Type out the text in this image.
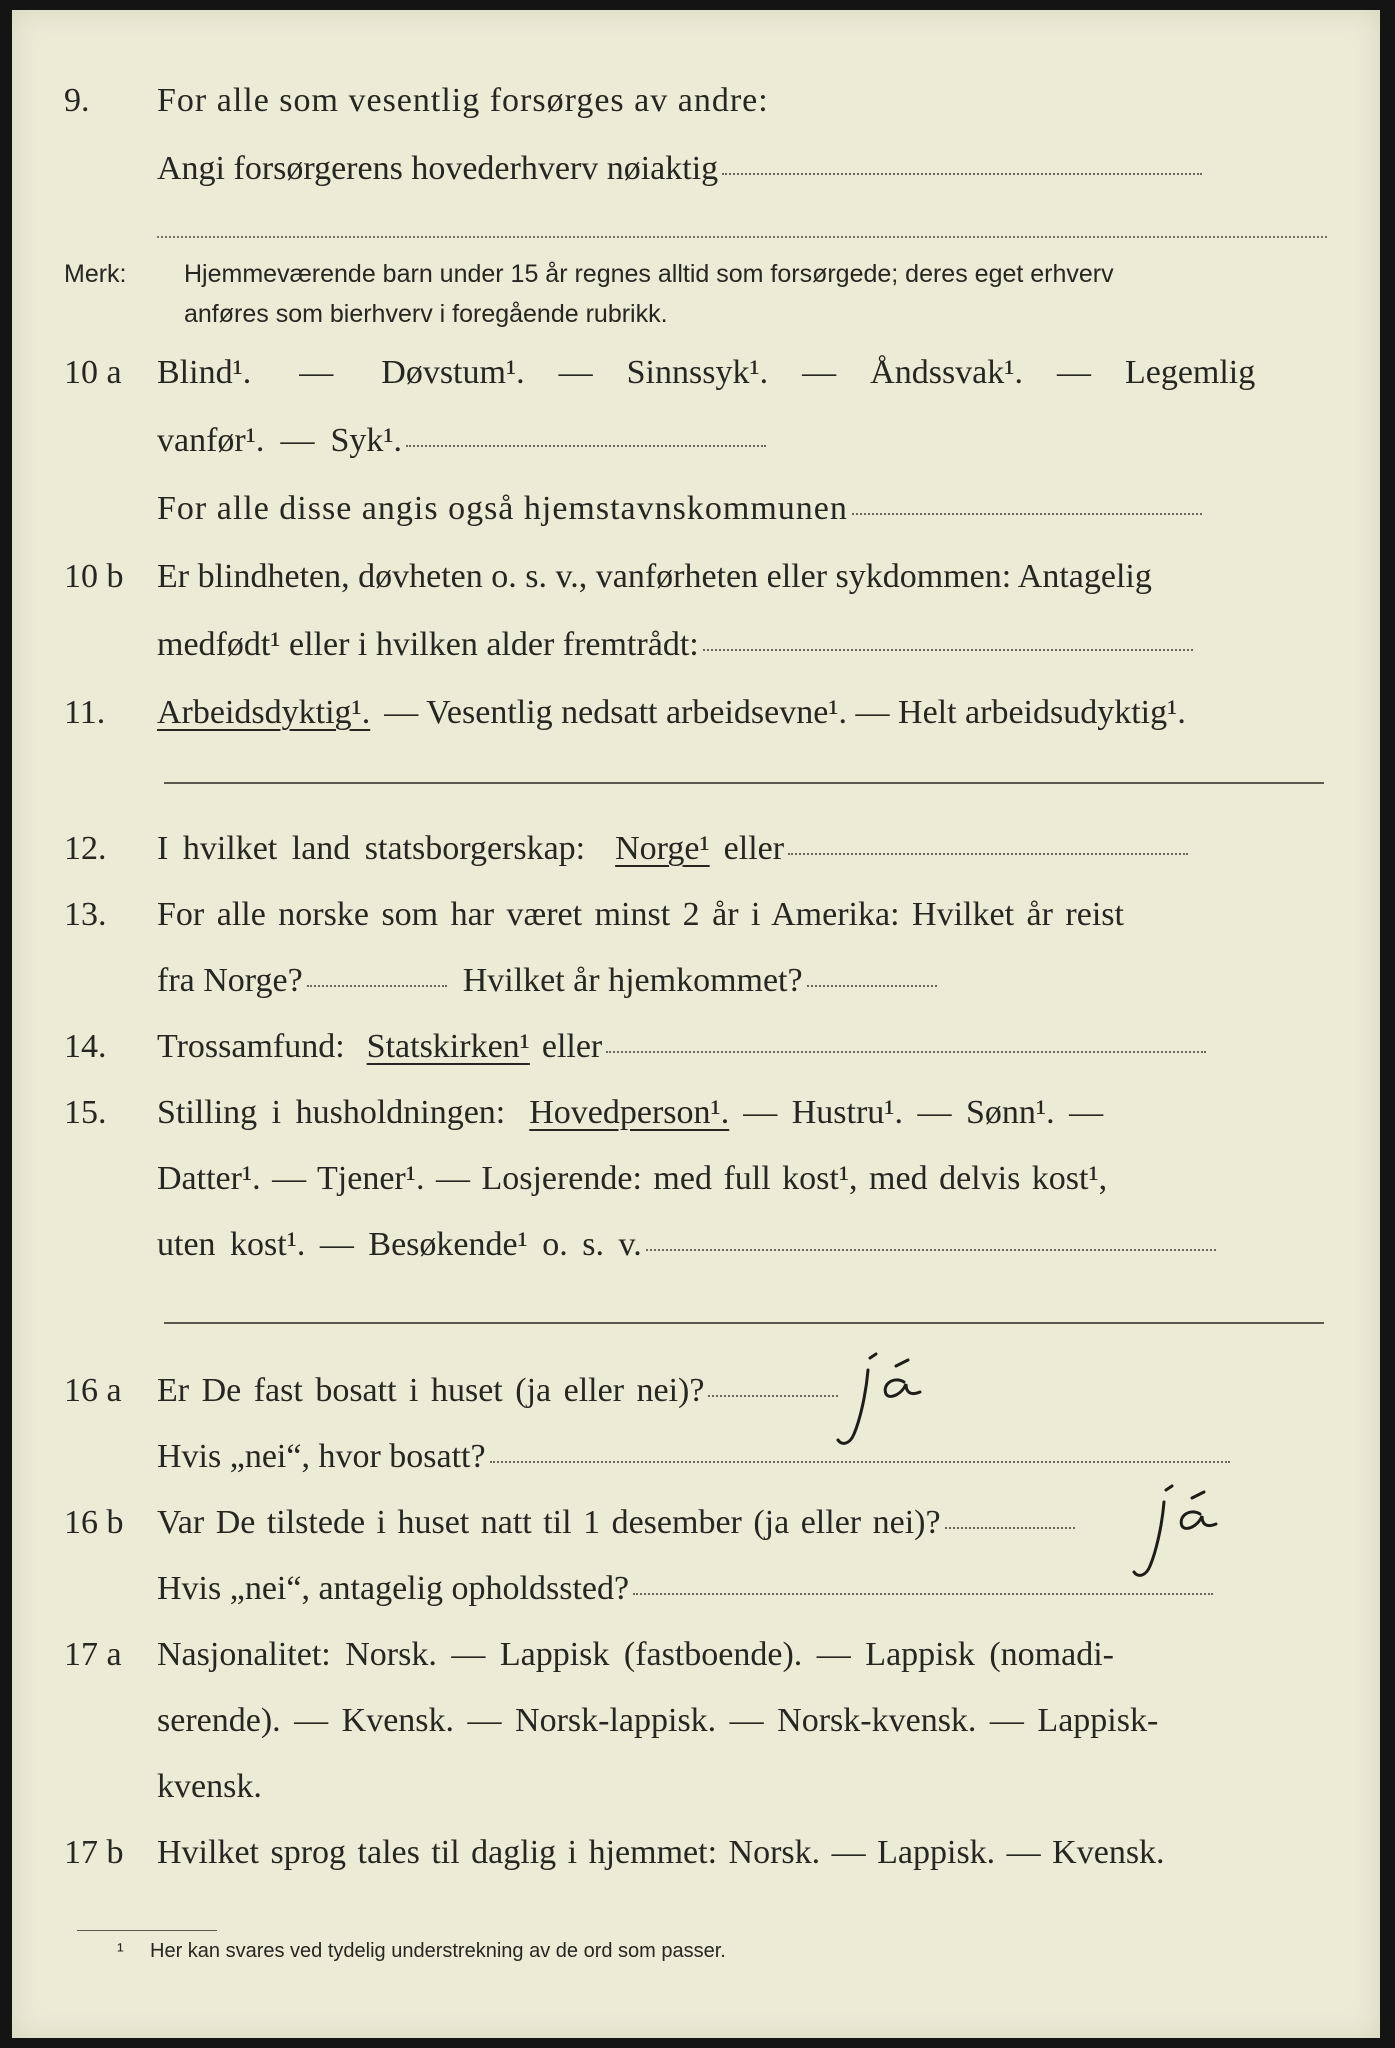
9. For alle som vesentlig forsørges av andre:
Angi forsørgerens hovederhverv nøiaktig
Merk: Hjemmeværende barn under 15 år regnes alltid som forsørgede; deres eget erhverv
anføres som bierhverv i foregående rubrikk.
10 a Blind¹. — Døvstum¹. — Sinnssyk¹. — Åndssvak¹. — Legemlig
vanfør¹. — Syk¹.
For alle disse angis også hjemstavnskommunen
10 b Er blindheten, døvheten o. s. v., vanførheten eller sykdommen: Antagelig
medfødt¹ eller i hvilken alder fremtrådt:
11. Arbeidsdyktig¹. — Vesentlig nedsatt arbeidsevne¹. — Helt arbeidsudyktig¹.
12. I hvilket land statsborgerskap: Norge¹ eller
13. For alle norske som har været minst 2 år i Amerika: Hvilket år reist
fra Norge?	Hvilket år hjemkommet?
14. Trossamfund: Statskirken¹ eller
15. Stilling i husholdningen: Hovedperson¹. — Hustru¹. — Sønn¹. —
Datter¹. — Tjener¹. — Losjerende: med full kost¹, med delvis kost¹,
uten kost¹. — Besøkende¹ o. s. v.
16 a Er De fast bosatt i huset (ja eller nei)?
ja
Hvis „nei“, hvor bosatt?
16 b Var De tilstede i huset natt til 1 desember (ja eller nei)?
ja
Hvis „nei“, antagelig opholdssted?
17 a Nasjonalitet: Norsk. — Lappisk (fastboende). — Lappisk (nomadi-
serende). — Kvensk. — Norsk-lappisk. — Norsk-kvensk. — Lappisk-
kvensk.
17 b Hvilket sprog tales til daglig i hjemmet: Norsk. — Lappisk. — Kvensk.
¹ Her kan svares ved tydelig understrekning av de ord som passer.
